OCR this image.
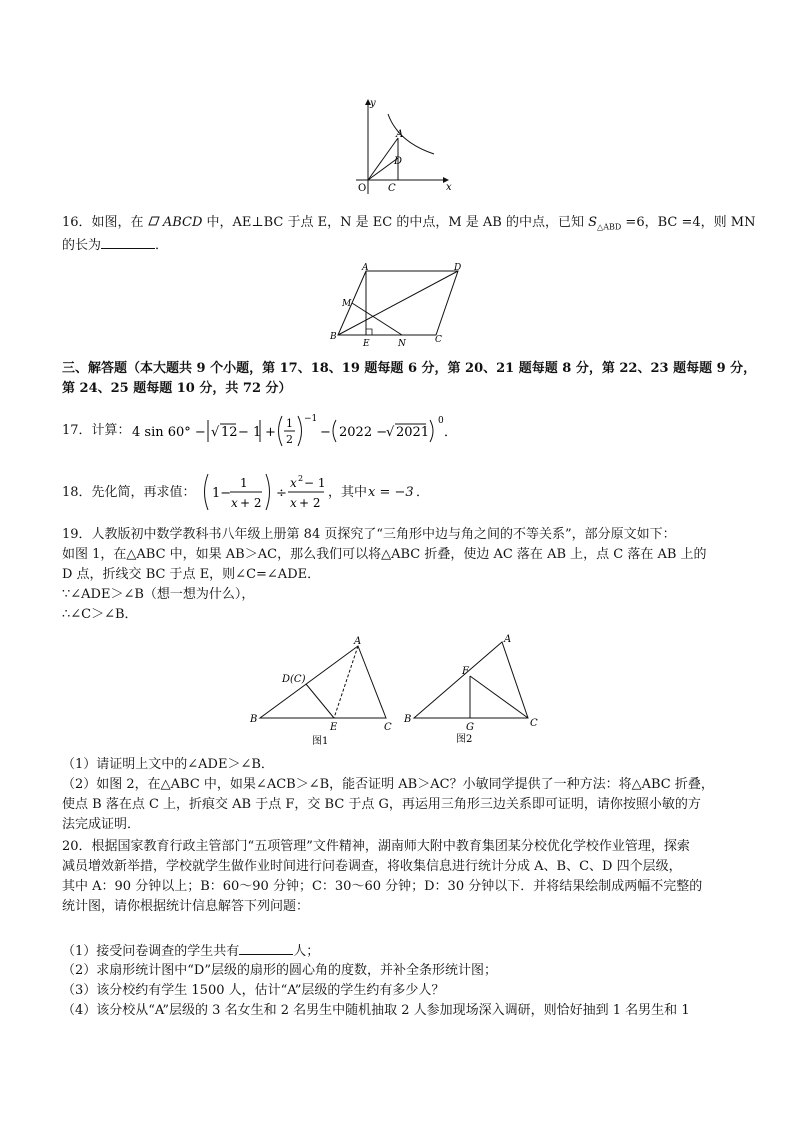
y
x
O
A
D
C
16．如图，在 ABCD 中，AE⊥BC 于点 E，N 是 EC 的中点，M 是 AB 的中点，已知 $S_{\triangle ABD} =6$，BC =4，则 MN
的长为	．
A	D
M
B
E	N	C
三、解答题（本大题共 9 个小题，第 17、18、19 题每题 6 分，第 20、21 题每题 8 分，第 22、23 题每题 9 分，
第 24、25 题每题 10 分，共 72 分）
17．计算： 4 sin 60° − √ 12 − 1 +
1
2
−1
− 2022 −
√ 2021
0
．
18．先化简，再求值： 1−
1
x + 2
÷
x 2 − 1
x + 2
，其中 x = −3 ．
19．人教版初中数学教科书八年级上册第 84 页探究了“三角形中边与角之间的不等关系”，部分原文如下：
如图 1，在△ABC 中，如果 AB＞AC，那么我们可以将△ABC 折叠，使边 AC 落在 AB 上，点 C 落在 AB 上的
D 点，折线交 BC 于点 E，则∠C=∠ADE．
∵∠ADE＞∠B（想一想为什么），
∴∠C＞∠B．
A
D(C)
B
E	C
图1
A
F
B
G	C
图2
（1）请证明上文中的∠ADE＞∠B．
（2）如图 2，在△ABC 中，如果∠ACB＞∠B，能否证明 AB＞AC？小敏同学提供了一种方法：将△ABC 折叠，
使点 B 落在点 C 上，折痕交 AB 于点 F，交 BC 于点 G，再运用三角形三边关系即可证明，请你按照小敏的方
法完成证明．
20．根据国家教育行政主管部门“五项管理”文件精神，湖南师大附中教育集团某分校优化学校作业管理，探索
减员增效新举措，学校就学生做作业时间进行问卷调查，将收集信息进行统计分成 A、B、C、D 四个层级，
其中 A：90 分钟以上；B：60～90 分钟；C：30～60 分钟；D：30 分钟以下．并将结果绘制成两幅不完整的
统计图，请你根据统计信息解答下列问题：
（1）接受问卷调查的学生共有	人；
（2）求扇形统计图中“D”层级的扇形的圆心角的度数，并补全条形统计图；
（3）该分校约有学生 1500 人，估计“A”层级的学生约有多少人？
（4）该分校从“A”层级的 3 名女生和 2 名男生中随机抽取 2 人参加现场深入调研，则恰好抽到 1 名男生和 1
